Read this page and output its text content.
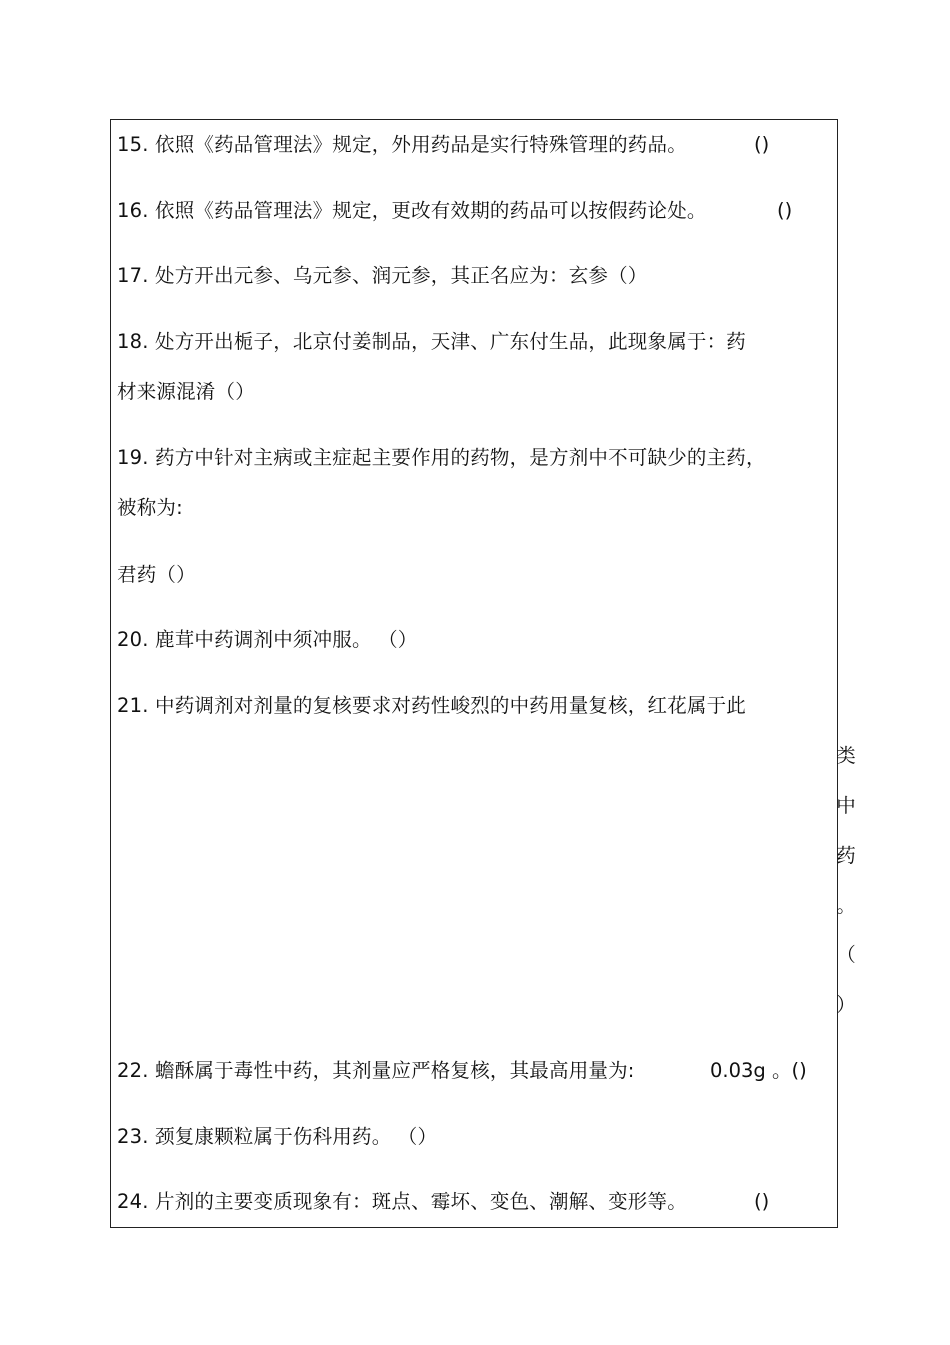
15. 依照《药品管理法》规定，外用药品是实行特殊管理的药品。	()
16. 依照《药品管理法》规定，更改有效期的药品可以按假药论处。	()
17. 处方开出元参、乌元参、润元参，其正名应为：玄参（）
18. 处方开出栀子，北京付姜制品，天津、广东付生品，此现象属于：药
材来源混淆（）
19. 药方中针对主病或主症起主要作用的药物，是方剂中不可缺少的主药，
被称为:
君药（）
20. 鹿茸中药调剂中须冲服。 （）
21. 中药调剂对剂量的复核要求对药性峻烈的中药用量复核，红花属于此
类
中
药
。
（
）
22. 蟾酥属于毒性中药，其剂量应严格复核，其最高用量为:	0.03g 。()
23. 颈复康颗粒属于伤科用药。 （）
24. 片剂的主要变质现象有：斑点、霉坏、变色、潮解、变形等。	()
